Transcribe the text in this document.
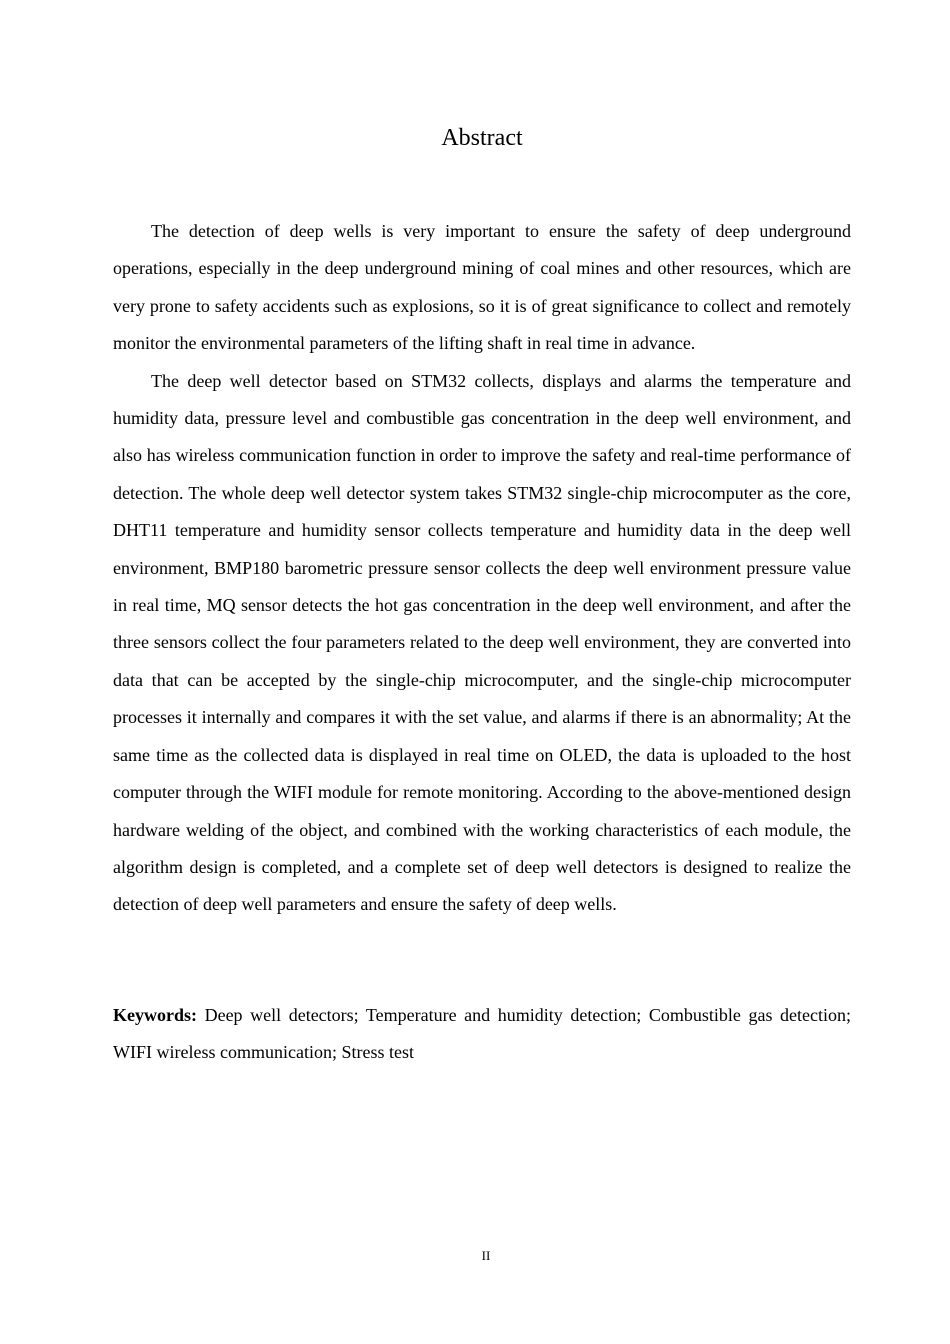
Abstract

The detection of deep wells is very important to ensure the safety of deep underground operations, especially in the deep underground mining of coal mines and other resources, which are very prone to safety accidents such as explosions, so it is of great significance to collect and remotely monitor the environmental parameters of the lifting shaft in real time in advance.

The deep well detector based on STM32 collects, displays and alarms the temperature and humidity data, pressure level and combustible gas concentration in the deep well environment, and also has wireless communication function in order to improve the safety and real-time performance of detection. The whole deep well detector system takes STM32 single-chip microcomputer as the core, DHT11 temperature and humidity sensor collects temperature and humidity data in the deep well environment, BMP180 barometric pressure sensor collects the deep well environment pressure value in real time, MQ sensor detects the hot gas concentration in the deep well environment, and after the three sensors collect the four parameters related to the deep well environment, they are converted into data that can be accepted by the single-chip microcomputer, and the single-chip microcomputer processes it internally and compares it with the set value, and alarms if there is an abnormality; At the same time as the collected data is displayed in real time on OLED, the data is uploaded to the host computer through the WIFI module for remote monitoring. According to the above-mentioned design hardware welding of the object, and combined with the working characteristics of each module, the algorithm design is completed, and a complete set of deep well detectors is designed to realize the detection of deep well parameters and ensure the safety of deep wells.

Keywords: Deep well detectors; Temperature and humidity detection; Combustible gas detection; WIFI wireless communication; Stress test

II
